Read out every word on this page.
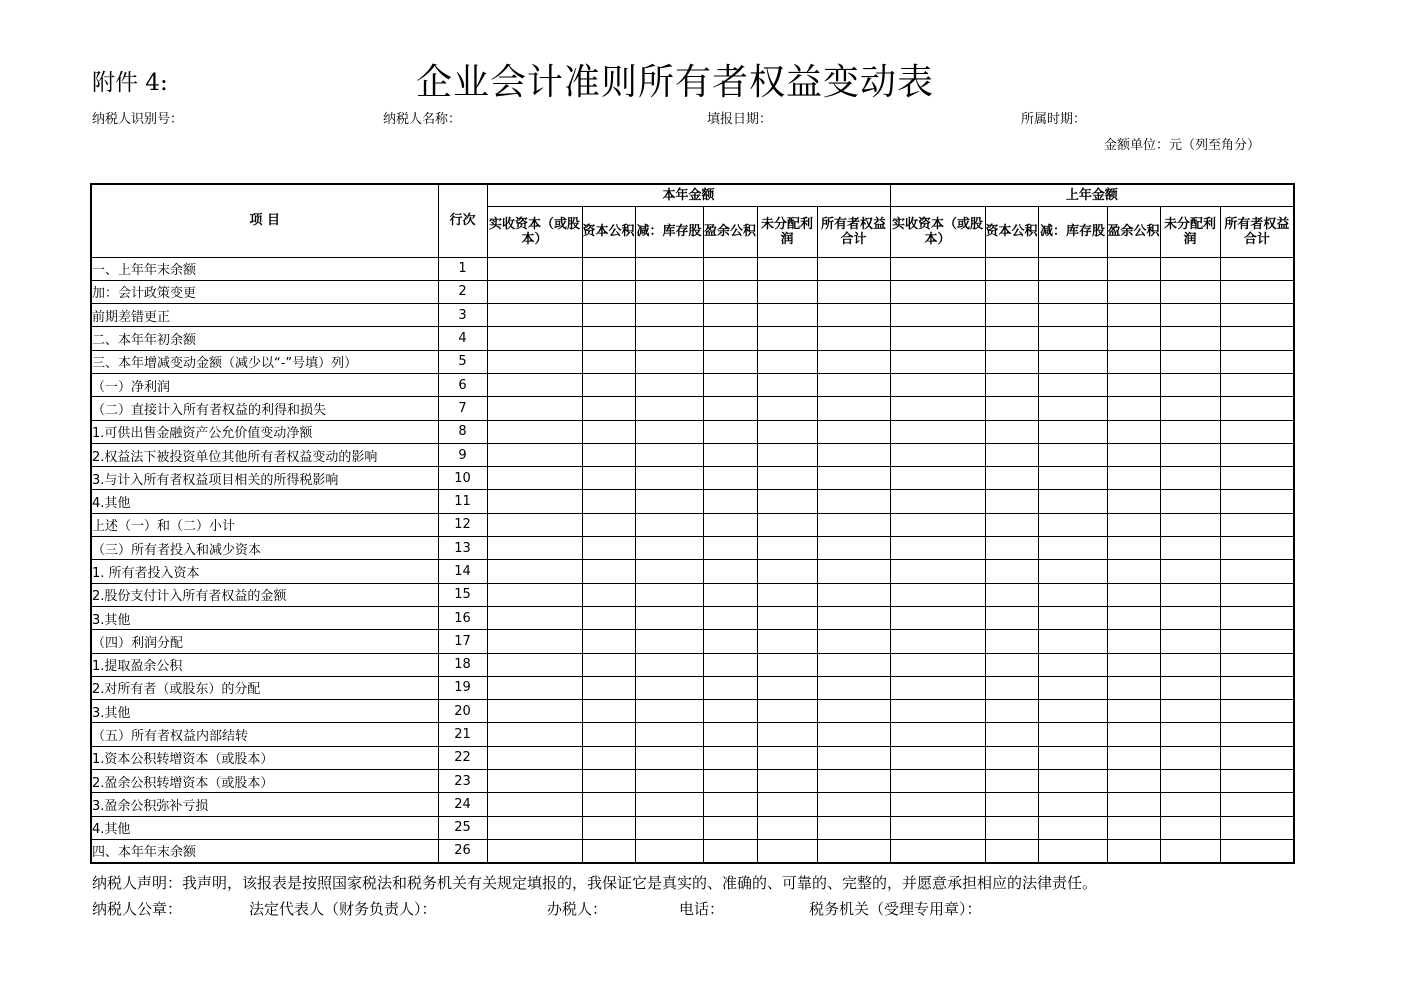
附件 4:	企业会计准则所有者权益变动表
纳税人识别号：	纳税人名称：	填报日期：	所属时期：
金额单位：元（列至角分）
项 目	行次	本年金额						上年金额					
		实收资本（或股本）	资本公积	减：库存股	盈余公积	未分配利润	所有者权益合计	实收资本（或股本）	资本公积	减：库存股	盈余公积	未分配利润	所有者权益合计
一、上年年末余额	1												
加：会计政策变更	2												
前期差错更正	3												
二、本年年初余额	4												
三、本年增减变动金额（减少以“-”号填）列）	5												
（一）净利润	6												
（二）直接计入所有者权益的利得和损失	7												
1.可供出售金融资产公允价值变动净额	8												
2.权益法下被投资单位其他所有者权益变动的影响	9												
3.与计入所有者权益项目相关的所得税影响	10												
4.其他	11												
上述（一）和（二）小计	12												
（三）所有者投入和减少资本	13												
1. 所有者投入资本	14												
2.股份支付计入所有者权益的金额	15												
3.其他	16												
（四）利润分配	17												
1.提取盈余公积	18												
2.对所有者（或股东）的分配	19												
3.其他	20												
（五）所有者权益内部结转	21												
1.资本公积转增资本（或股本）	22												
2.盈余公积转增资本（或股本）	23												
3.盈余公积弥补亏损	24												
4.其他	25												
四、本年年末余额	26												
纳税人声明：我声明，该报表是按照国家税法和税务机关有关规定填报的，我保证它是真实的、准确的、可靠的、完整的，并愿意承担相应的法律责任。
纳税人公章：	法定代表人（财务负责人）：	办税人：	电话：	税务机关（受理专用章）：
